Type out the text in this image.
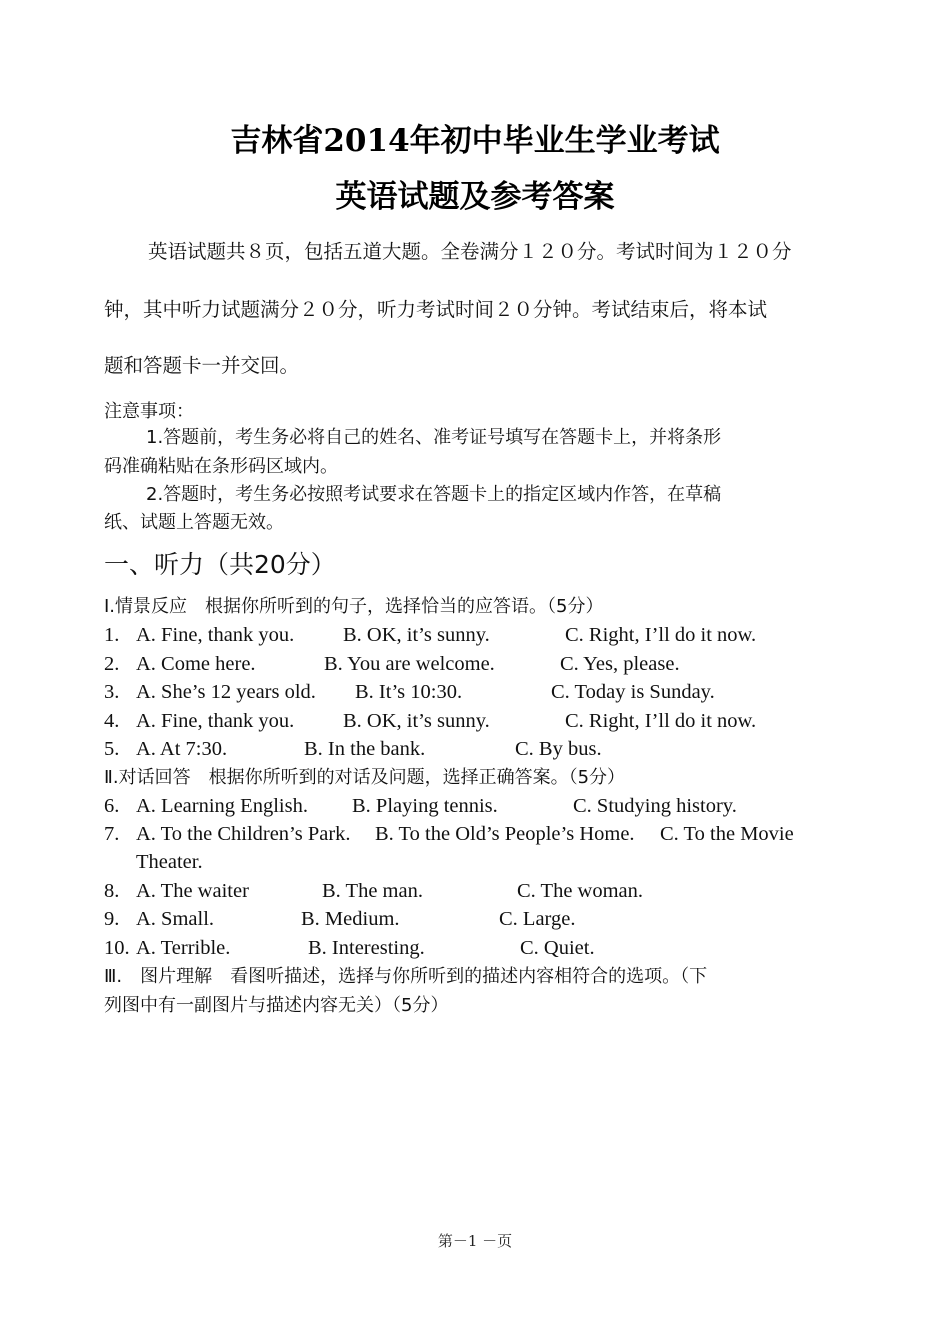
吉林省2014年初中毕业生学业考试
英语试题及参考答案
英语试题共８页，包括五道大题。全卷满分１２０分。考试时间为１２０分
钟，其中听力试题满分２０分，听力考试时间２０分钟。考试结束后，将本试
题和答题卡一并交回。
注意事项：
1.答题前，考生务必将自己的姓名、准考证号填写在答题卡上，并将条形
码准确粘贴在条形码区域内。
2.答题时，考生务必按照考试要求在答题卡上的指定区域内作答，在草稿
纸、试题上答题无效。
一、听力（共20分）
Ⅰ.情景反应　根据你所听到的句子，选择恰当的应答语。（5分）
1. A. Fine, thank you. B. OK, it’s sunny.	C. Right, I’ll do it now.
2. A. Come here.	B. You are welcome.	C. Yes, please.
3. A. She’s 12 years old. B. It’s 10:30.	C. Today is Sunday.
4. A. Fine, thank you. B. OK, it’s sunny.	C. Right, I’ll do it now.
5. A. At 7:30.	B. In the bank.	C. By bus.
Ⅱ.对话回答　根据你所听到的对话及问题，选择正确答案。（5分）
6. A. Learning English. B. Playing tennis.	C. Studying history.
7. A. To the Children’s Park. B. To the Old’s People’s Home. C. To the Movie
Theater.
8. A. The waiter	B. The man.	C. The woman.
9. A. Small.	B. Medium.	C. Large.
10. A. Terrible.	B. Interesting.	C. Quiet.
Ⅲ.　图片理解　看图听描述，选择与你所听到的描述内容相符合的选项。（下
列图中有一副图片与描述内容无关）（5分）
第－1 －页
